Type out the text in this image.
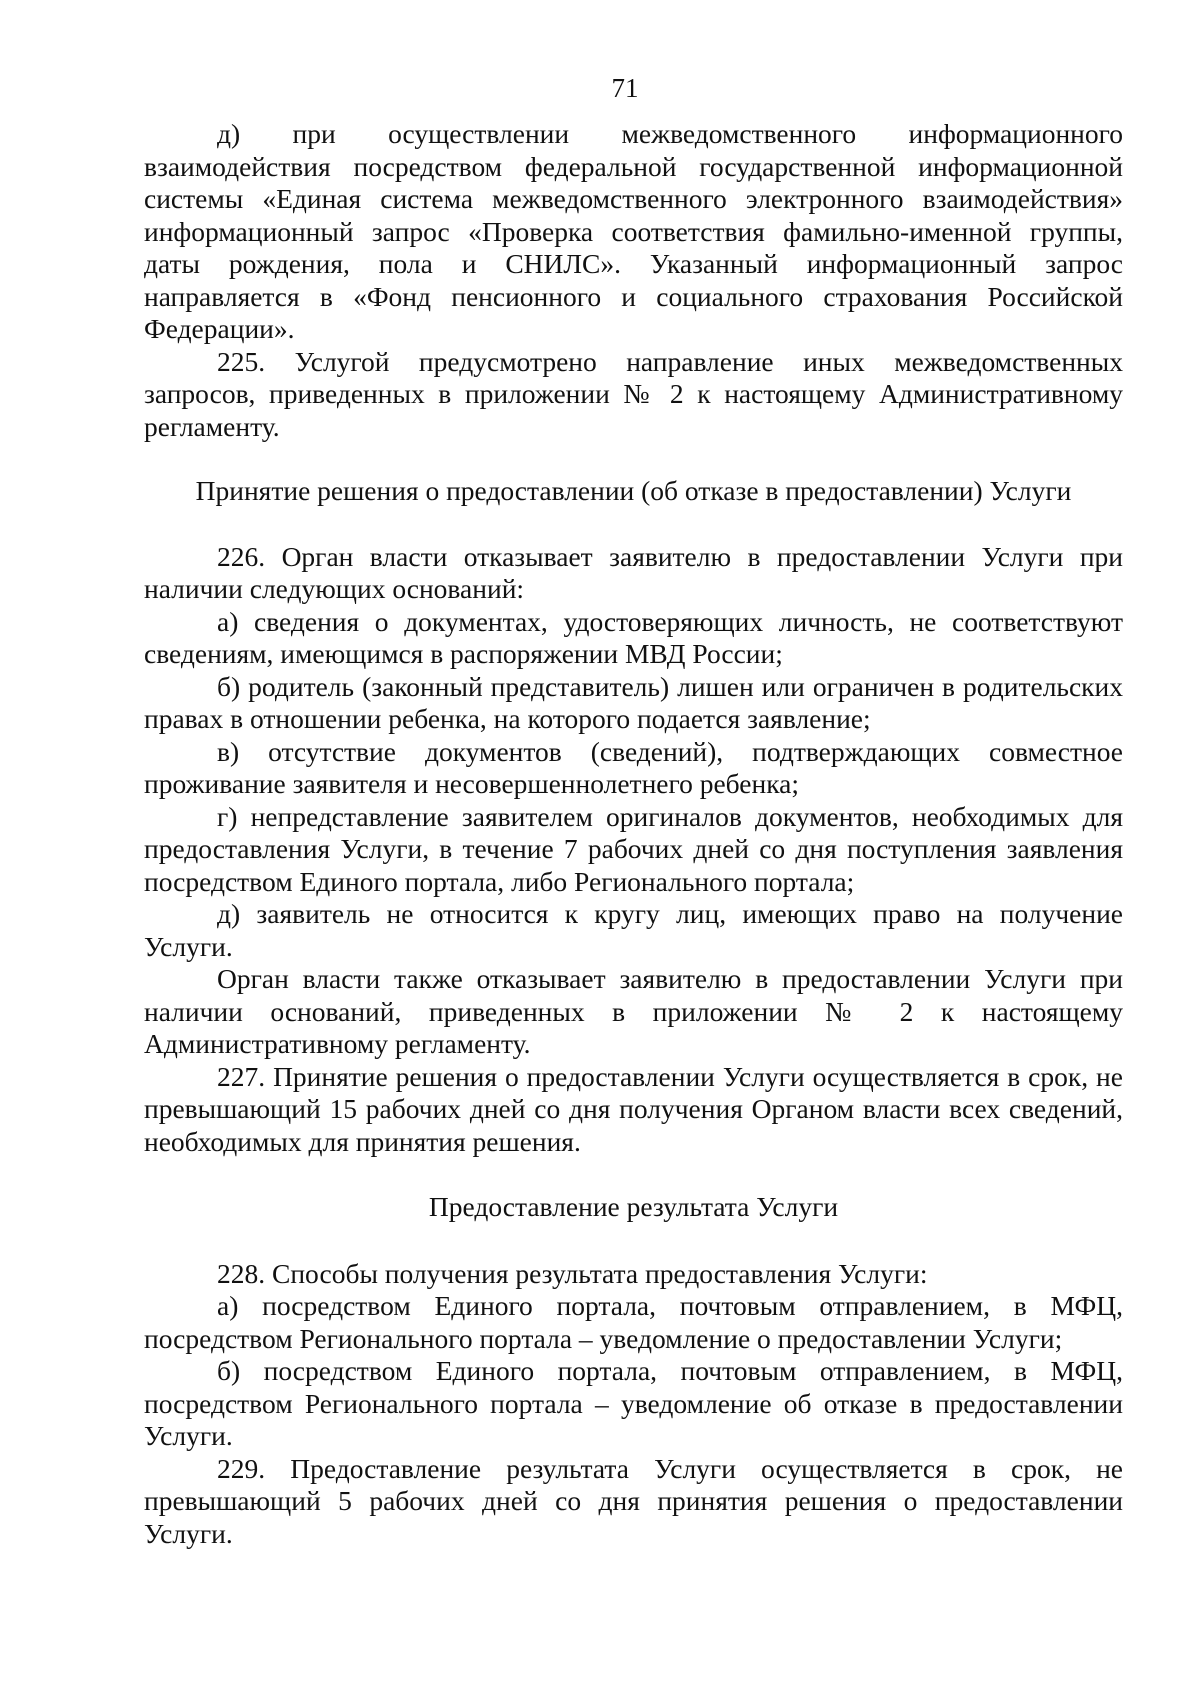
71

д) при осуществлении межведомственного информационного взаимодействия посредством федеральной государственной информационной системы «Единая система межведомственного электронного взаимодействия» информационный запрос «Проверка соответствия фамильно-именной группы, даты рождения, пола и СНИЛС». Указанный информационный запрос направляется в «Фонд пенсионного и социального страхования Российской Федерации».

225. Услугой предусмотрено направление иных межведомственных запросов, приведенных в приложении № 2 к настоящему Административному регламенту.

Принятие решения о предоставлении (об отказе в предоставлении) Услуги

226. Орган власти отказывает заявителю в предоставлении Услуги при наличии следующих оснований:

а) сведения о документах, удостоверяющих личность, не соответствуют сведениям, имеющимся в распоряжении МВД России;

б) родитель (законный представитель) лишен или ограничен в родительских правах в отношении ребенка, на которого подается заявление;

в) отсутствие документов (сведений), подтверждающих совместное проживание заявителя и несовершеннолетнего ребенка;

г) непредставление заявителем оригиналов документов, необходимых для предоставления Услуги, в течение 7 рабочих дней со дня поступления заявления посредством Единого портала, либо Регионального портала;

д) заявитель не относится к кругу лиц, имеющих право на получение Услуги.

Орган власти также отказывает заявителю в предоставлении Услуги при наличии оснований, приведенных в приложении № 2 к настоящему Административному регламенту.

227. Принятие решения о предоставлении Услуги осуществляется в срок, не превышающий 15 рабочих дней со дня получения Органом власти всех сведений, необходимых для принятия решения.

Предоставление результата Услуги

228. Способы получения результата предоставления Услуги:

а) посредством Единого портала, почтовым отправлением, в МФЦ, посредством Регионального портала – уведомление о предоставлении Услуги;

б) посредством Единого портала, почтовым отправлением, в МФЦ, посредством Регионального портала – уведомление об отказе в предоставлении Услуги.

229. Предоставление результата Услуги осуществляется в срок, не превышающий 5 рабочих дней со дня принятия решения о предоставлении Услуги.
